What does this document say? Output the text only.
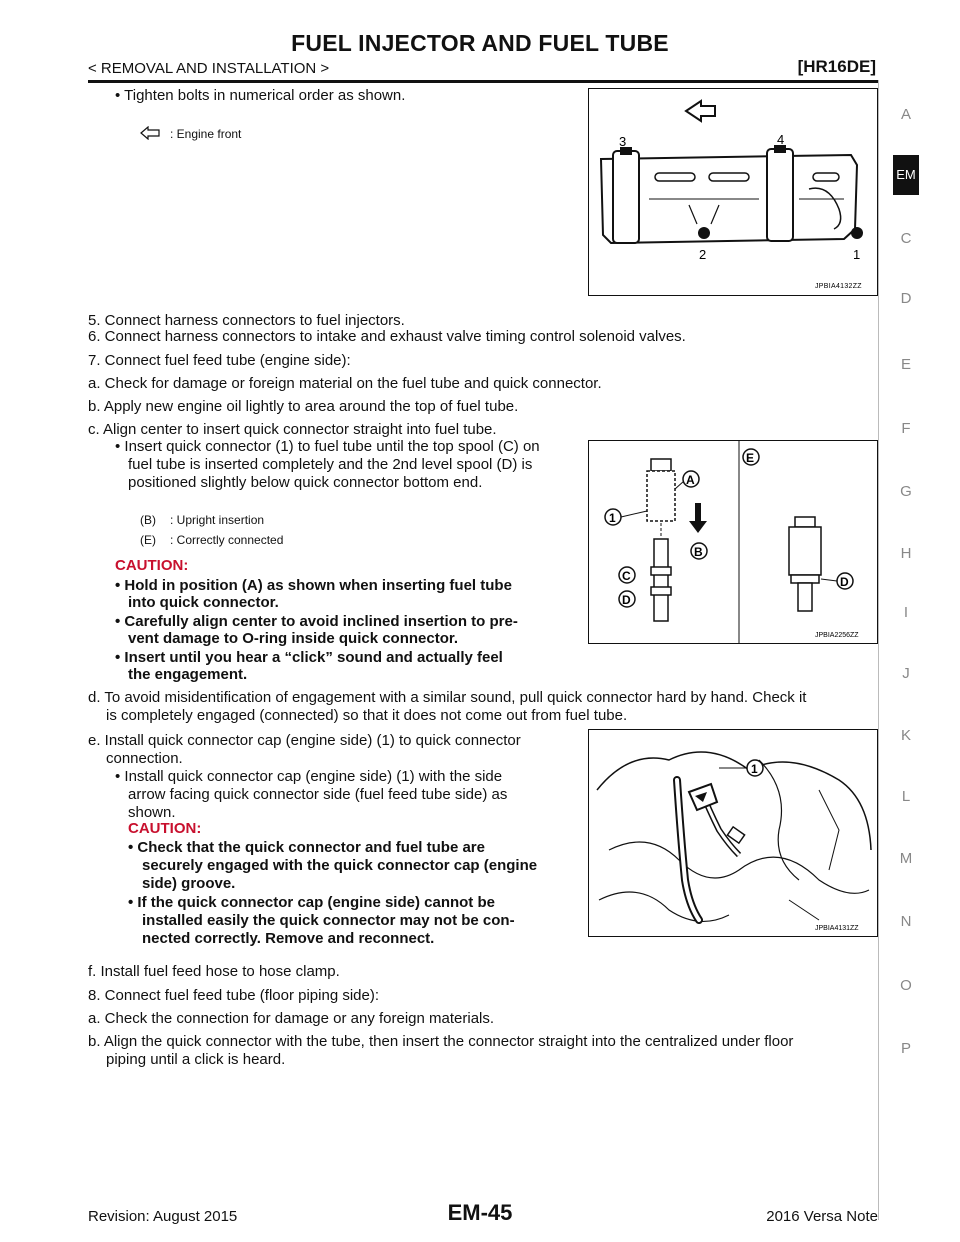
FUEL INJECTOR AND FUEL TUBE
< REMOVAL AND INSTALLATION >	[HR16DE]
A
EM
C
D
E
F
G
H
I
J
K
L
M
N
O
P
• Tighten bolts in numerical order as shown.
: Engine front	3	4
2	1
JPBIA4132ZZ
5. Connect harness connectors to fuel injectors.
6. Connect harness connectors to intake and exhaust valve timing control solenoid valves.
7. Connect fuel feed tube (engine side):
a. Check for damage or foreign material on the fuel tube and quick connector.
b. Apply new engine oil lightly to area around the top of fuel tube.
c. Align center to insert quick connector straight into fuel tube.
• Insert quick connector (1) to fuel tube until the top spool (C) on
fuel tube is inserted completely and the 2nd level spool (D) is
positioned slightly below quick connector bottom end.
(B) : Upright insertion
(E) : Correctly connected
CAUTION:
• Hold in position (A) as shown when inserting fuel tube
into quick connector.
• Carefully align center to avoid inclined insertion to pre-
vent damage to O-ring inside quick connector.
• Insert until you hear a “click” sound and actually feel
the engagement.
A
1
B
C
D
E
D
JPBIA2256ZZ
d. To avoid misidentification of engagement with a similar sound, pull quick connector hard by hand. Check it
is completely engaged (connected) so that it does not come out from fuel tube.
e. Install quick connector cap (engine side) (1) to quick connector
connection.
• Install quick connector cap (engine side) (1) with the side
arrow facing quick connector side (fuel feed tube side) as
shown.
CAUTION:
• Check that the quick connector and fuel tube are
securely engaged with the quick connector cap (engine
side) groove.
• If the quick connector cap (engine side) cannot be
installed easily the quick connector may not be con-
nected correctly. Remove and reconnect.
1
JPBIA4131ZZ
f. Install fuel feed hose to hose clamp.
8. Connect fuel feed tube (floor piping side):
a. Check the connection for damage or any foreign materials.
b. Align the quick connector with the tube, then insert the connector straight into the centralized under floor
piping until a click is heard.
Revision: August 2015	EM-45	2016 Versa Note
